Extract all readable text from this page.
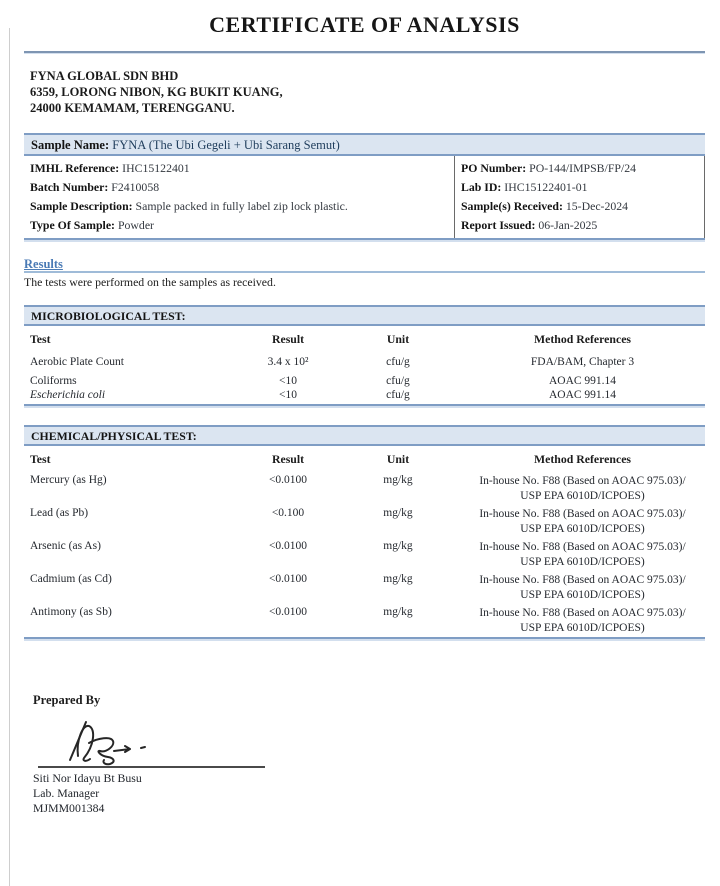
CERTIFICATE OF ANALYSIS
FYNA GLOBAL SDN BHD
6359, LORONG NIBON, KG BUKIT KUANG,
24000 KEMAMAM, TERENGGANU.
Sample Name: FYNA (The Ubi Gegeli + Ubi Sarang Semut)
IMHL Reference: IHC15122401
Batch Number: F2410058
Sample Description: Sample packed in fully label zip lock plastic.
Type Of Sample: Powder
PO Number: PO-144/IMPSB/FP/24
Lab ID: IHC15122401-01
Sample(s) Received: 15-Dec-2024
Report Issued: 06-Jan-2025
Results
The tests were performed on the samples as received.
MICROBIOLOGICAL TEST:
Test	Result	Unit	Method References
Aerobic Plate Count	3.4 x 10²	cfu/g	FDA/BAM, Chapter 3
Coliforms	<10	cfu/g	AOAC 991.14
Escherichia coli	<10	cfu/g	AOAC 991.14
CHEMICAL/PHYSICAL TEST:
Test	Result	Unit	Method References
Mercury (as Hg)	<0.0100	mg/kg	In-house No. F88 (Based on AOAC 975.03)/
USP EPA 6010D/ICPOES)
Lead (as Pb)	<0.100	mg/kg	In-house No. F88 (Based on AOAC 975.03)/
USP EPA 6010D/ICPOES)
Arsenic (as As)	<0.0100	mg/kg	In-house No. F88 (Based on AOAC 975.03)/
USP EPA 6010D/ICPOES)
Cadmium (as Cd)	<0.0100	mg/kg	In-house No. F88 (Based on AOAC 975.03)/
USP EPA 6010D/ICPOES)
Antimony (as Sb)	<0.0100	mg/kg	In-house No. F88 (Based on AOAC 975.03)/
USP EPA 6010D/ICPOES)
Prepared By
Siti Nor Idayu Bt Busu
Lab. Manager
MJMM001384
